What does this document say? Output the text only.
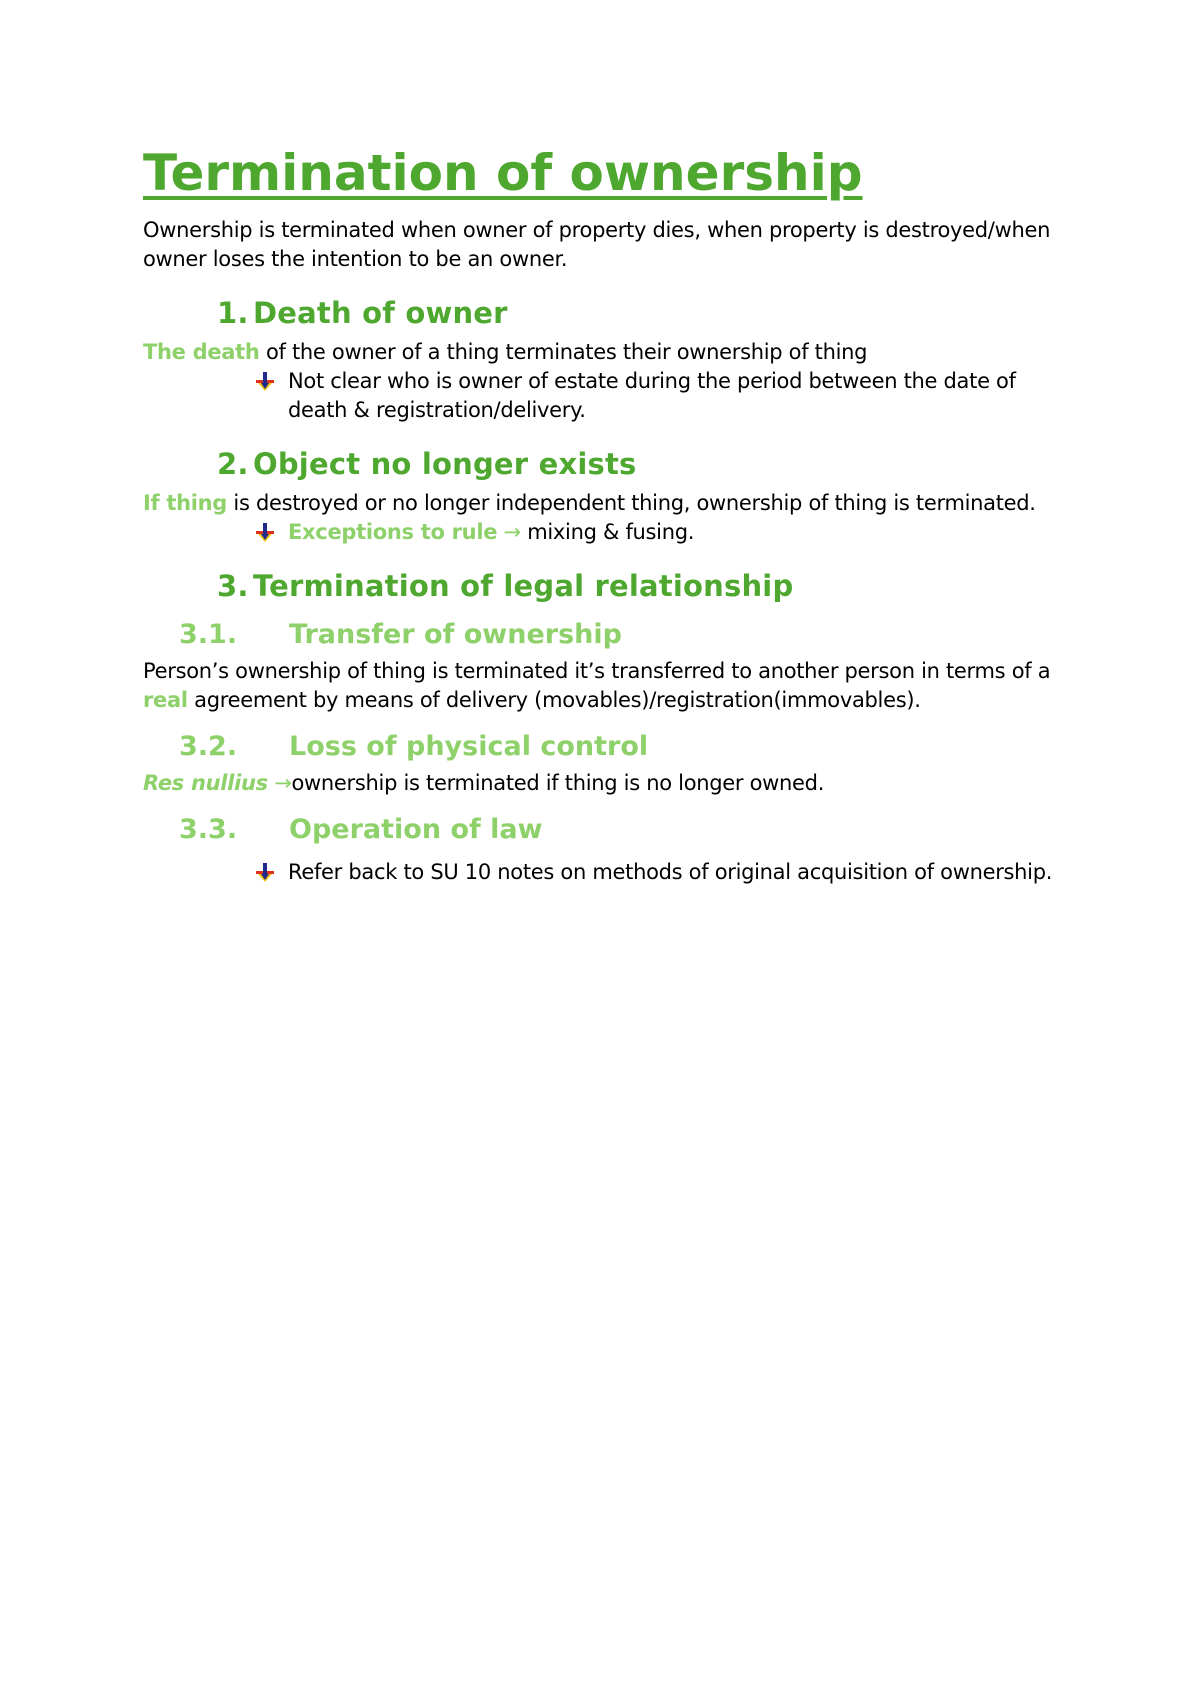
Termination of ownership

Ownership is terminated when owner of property dies, when property is destroyed/when owner loses the intention to be an owner.

1. Death of owner

The death of the owner of a thing terminates their ownership of thing

Not clear who is owner of estate during the period between the date of death & registration/delivery.
2. Object no longer exists

If thing is destroyed or no longer independent thing, ownership of thing is terminated.

Exceptions to rule → mixing & fusing.
3. Termination of legal relationship
3.1.	Transfer of ownership

Person’s ownership of thing is terminated it’s transferred to another person in terms of a real agreement by means of delivery (movables)/registration(immovables).

3.2.	Loss of physical control

Res nullius →ownership is terminated if thing is no longer owned.

3.3.	Operation of law
Refer back to SU 10 notes on methods of original acquisition of ownership.
